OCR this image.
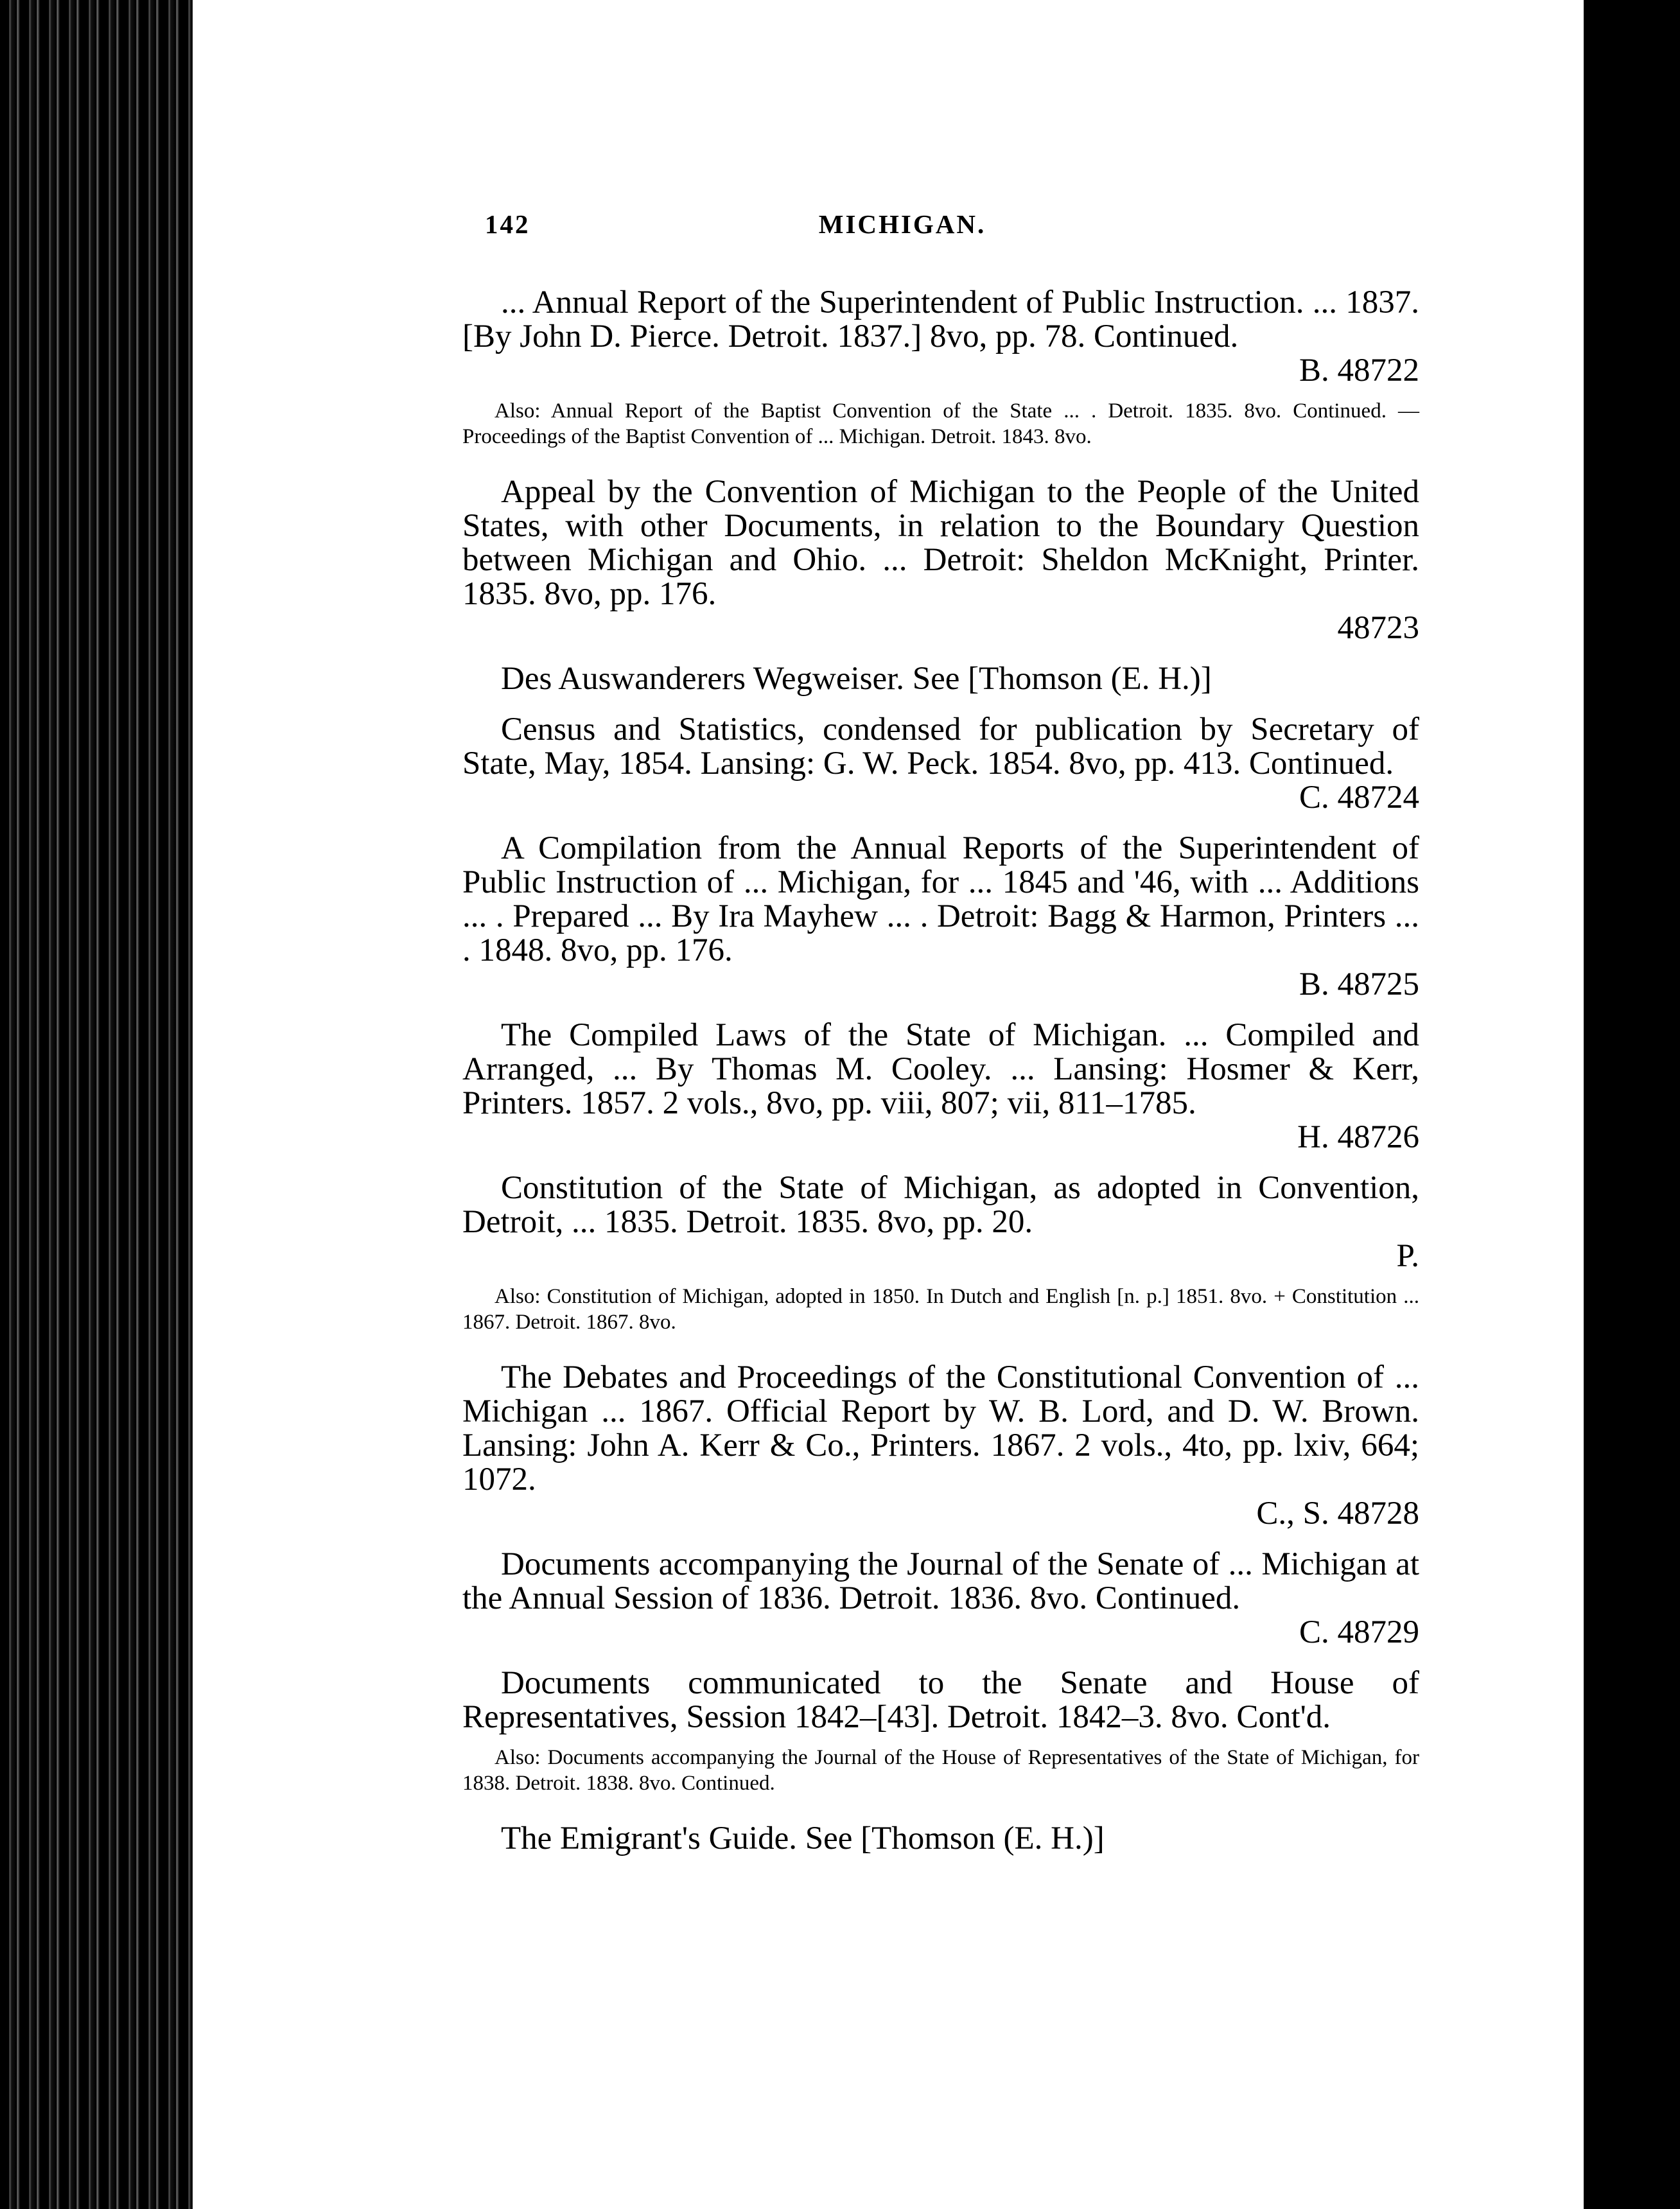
142	MICHIGAN.
... Annual Report of the Superintendent of Public Instruction. ... 1837. [By John D. Pierce. Detroit. 1837.] 8vo, pp. 78. Continued.
B. 48722
Also: Annual Report of the Baptist Convention of the State ... . Detroit. 1835. 8vo. Continued. — Proceedings of the Baptist Convention of ... Michigan. Detroit. 1843. 8vo.
Appeal by the Convention of Michigan to the People of the United States, with other Documents, in relation to the Boundary Question between Michigan and Ohio. ... Detroit: Sheldon McKnight, Printer. 1835. 8vo, pp. 176.
48723
Des Auswanderers Wegweiser. See [Thomson (E. H.)]
Census and Statistics, condensed for publication by Secretary of State, May, 1854. Lansing: G. W. Peck. 1854. 8vo, pp. 413. Continued.
C. 48724
A Compilation from the Annual Reports of the Superintendent of Public Instruction of ... Michigan, for ... 1845 and '46, with ... Additions ... . Prepared ... By Ira Mayhew ... . Detroit: Bagg & Harmon, Printers ... . 1848. 8vo, pp. 176.
B. 48725
The Compiled Laws of the State of Michigan. ... Compiled and Arranged, ... By Thomas M. Cooley. ... Lansing: Hosmer & Kerr, Printers. 1857. 2 vols., 8vo, pp. viii, 807; vii, 811–1785.
H. 48726
Constitution of the State of Michigan, as adopted in Convention, Detroit, ... 1835. Detroit. 1835. 8vo, pp. 20.
P.
Also: Constitution of Michigan, adopted in 1850. In Dutch and English [n. p.] 1851. 8vo. + Constitution ... 1867. Detroit. 1867. 8vo.
The Debates and Proceedings of the Constitutional Convention of ... Michigan ... 1867. Official Report by W. B. Lord, and D. W. Brown. Lansing: John A. Kerr & Co., Printers. 1867. 2 vols., 4to, pp. lxiv, 664; 1072.
C., S. 48728
Documents accompanying the Journal of the Senate of ... Michigan at the Annual Session of 1836. Detroit. 1836. 8vo. Continued.
C. 48729
Documents communicated to the Senate and House of Representatives, Session 1842–[43]. Detroit. 1842–3. 8vo. Cont'd.
Also: Documents accompanying the Journal of the House of Representatives of the State of Michigan, for 1838. Detroit. 1838. 8vo. Continued.
The Emigrant's Guide. See [Thomson (E. H.)]
